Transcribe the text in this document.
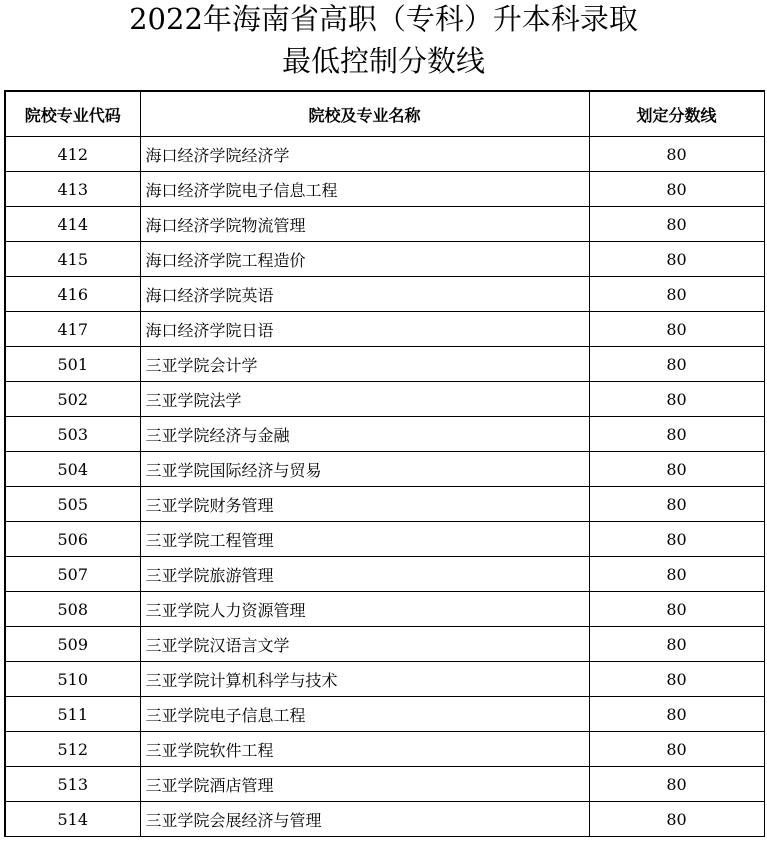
2022年海南省高职（专科）升本科录取
最低控制分数线
院校专业代码	院校及专业名称	划定分数线
412	海口经济学院经济学	80
413	海口经济学院电子信息工程	80
414	海口经济学院物流管理	80
415	海口经济学院工程造价	80
416	海口经济学院英语	80
417	海口经济学院日语	80
501	三亚学院会计学	80
502	三亚学院法学	80
503	三亚学院经济与金融	80
504	三亚学院国际经济与贸易	80
505	三亚学院财务管理	80
506	三亚学院工程管理	80
507	三亚学院旅游管理	80
508	三亚学院人力资源管理	80
509	三亚学院汉语言文学	80
510	三亚学院计算机科学与技术	80
511	三亚学院电子信息工程	80
512	三亚学院软件工程	80
513	三亚学院酒店管理	80
514	三亚学院会展经济与管理	80
